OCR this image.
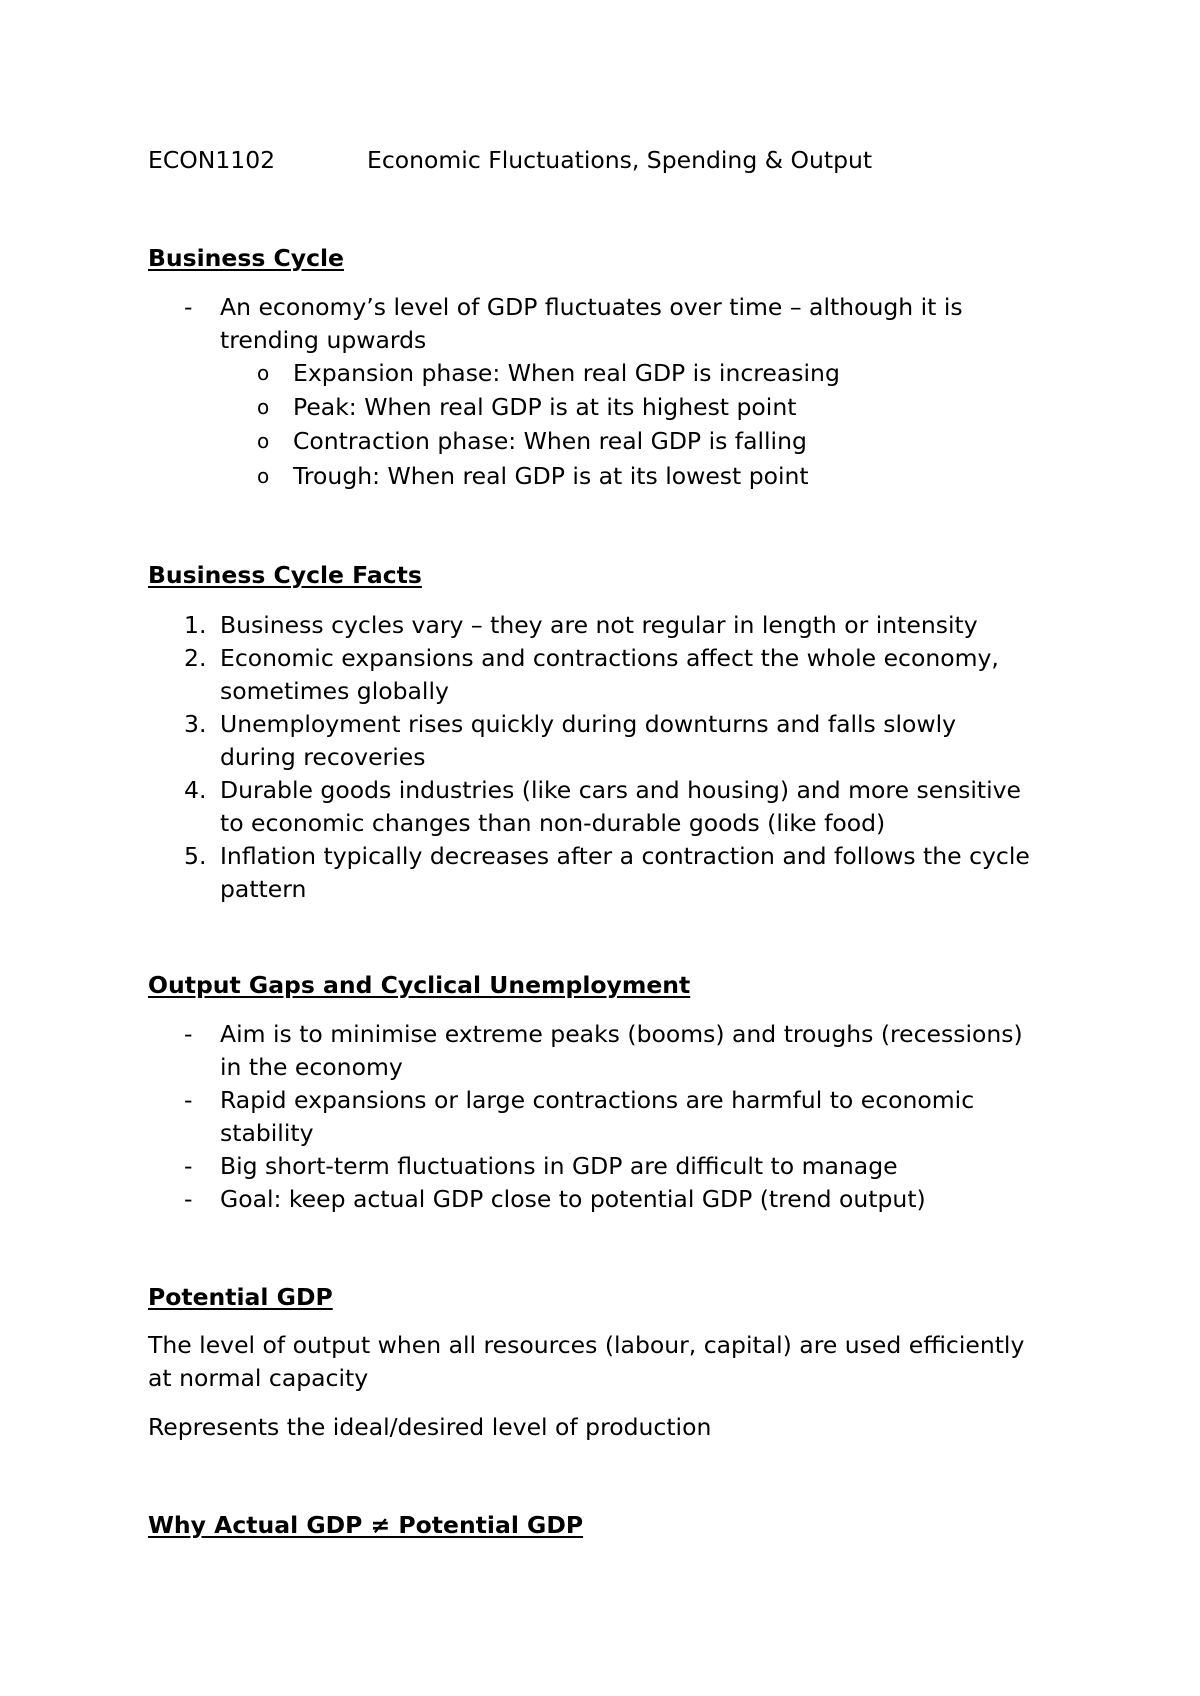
ECON1102	Economic Fluctuations, Spending & Output

Business Cycle

- An economy’s level of GDP fluctuates over time – although it is

trending upwards

o Expansion phase: When real GDP is increasing

o Peak: When real GDP is at its highest point

o Contraction phase: When real GDP is falling

o Trough: When real GDP is at its lowest point

Business Cycle Facts

1. Business cycles vary – they are not regular in length or intensity

2. Economic expansions and contractions affect the whole economy,

sometimes globally

3. Unemployment rises quickly during downturns and falls slowly

during recoveries

4. Durable goods industries (like cars and housing) and more sensitive

to economic changes than non-durable goods (like food)

5. Inflation typically decreases after a contraction and follows the cycle

pattern

Output Gaps and Cyclical Unemployment

- Aim is to minimise extreme peaks (booms) and troughs (recessions)

in the economy

- Rapid expansions or large contractions are harmful to economic

stability

- Big short-term fluctuations in GDP are difficult to manage

- Goal: keep actual GDP close to potential GDP (trend output)

Potential GDP

The level of output when all resources (labour, capital) are used efficiently

at normal capacity

Represents the ideal/desired level of production

Why Actual GDP ≠ Potential GDP
